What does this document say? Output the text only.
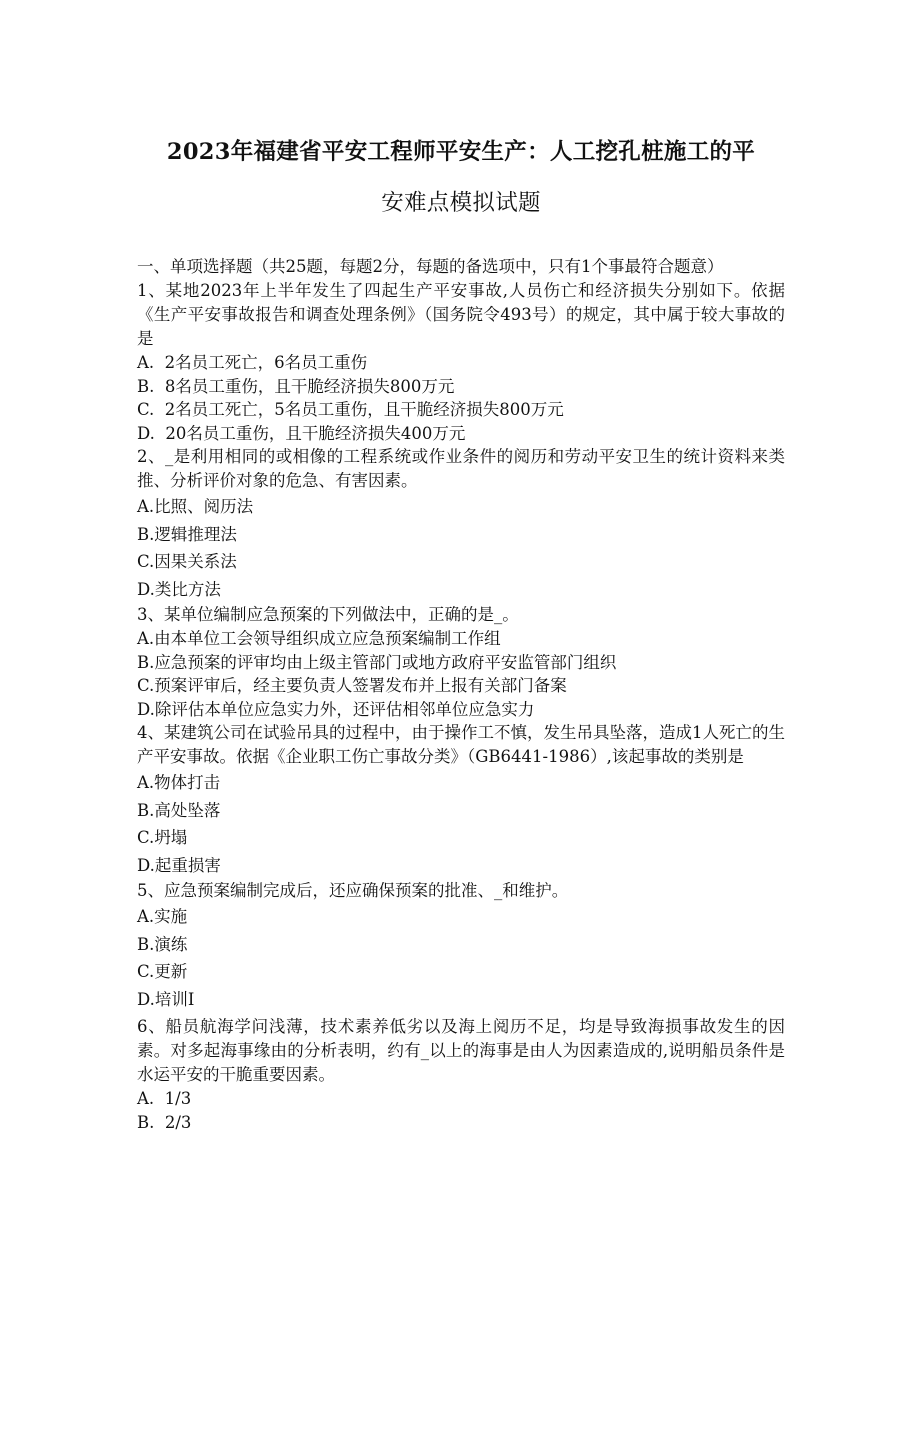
2023年福建省平安工程师平安生产：人工挖孔桩施工的平
安难点模拟试题
一、单项选择题（共25题，每题2分，每题的备选项中，只有1个事最符合题意）
1、某地2023年上半年发生了四起生产平安事故,人员伤亡和经济损失分别如下。依据《生产平安事故报告和调查处理条例》（国务院令493号）的规定，其中属于较大事故的是
A.  2名员工死亡，6名员工重伤
B.  8名员工重伤，且干脆经济损失800万元
C.  2名员工死亡，5名员工重伤，且干脆经济损失800万元
D.  20名员工重伤，且干脆经济损失400万元
2、_是利用相同的或相像的工程系统或作业条件的阅历和劳动平安卫生的统计资料来类推、分析评价对象的危急、有害因素。
A.比照、阅历法
B.逻辑推理法
C.因果关系法
D.类比方法
3、某单位编制应急预案的下列做法中，正确的是_。
A.由本单位工会领导组织成立应急预案编制工作组
B.应急预案的评审均由上级主管部门或地方政府平安监管部门组织
C.预案评审后，经主要负责人签署发布并上报有关部门备案
D.除评估本单位应急实力外，还评估相邻单位应急实力
4、某建筑公司在试验吊具的过程中，由于操作工不慎，发生吊具坠落，造成1人死亡的生产平安事故。依据《企业职工伤亡事故分类》（GB6441-1986）,该起事故的类别是
A.物体打击
B.高处坠落
C.坍塌
D.起重损害
5、应急预案编制完成后，还应确保预案的批准、_和维护。
A.实施
B.演练
C.更新
D.培训I
6、船员航海学问浅薄，技术素养低劣以及海上阅历不足，均是导致海损事故发生的因素。对多起海事缘由的分析表明，约有_以上的海事是由人为因素造成的,说明船员条件是水运平安的干脆重要因素。
A.  1/3
B.  2/3
